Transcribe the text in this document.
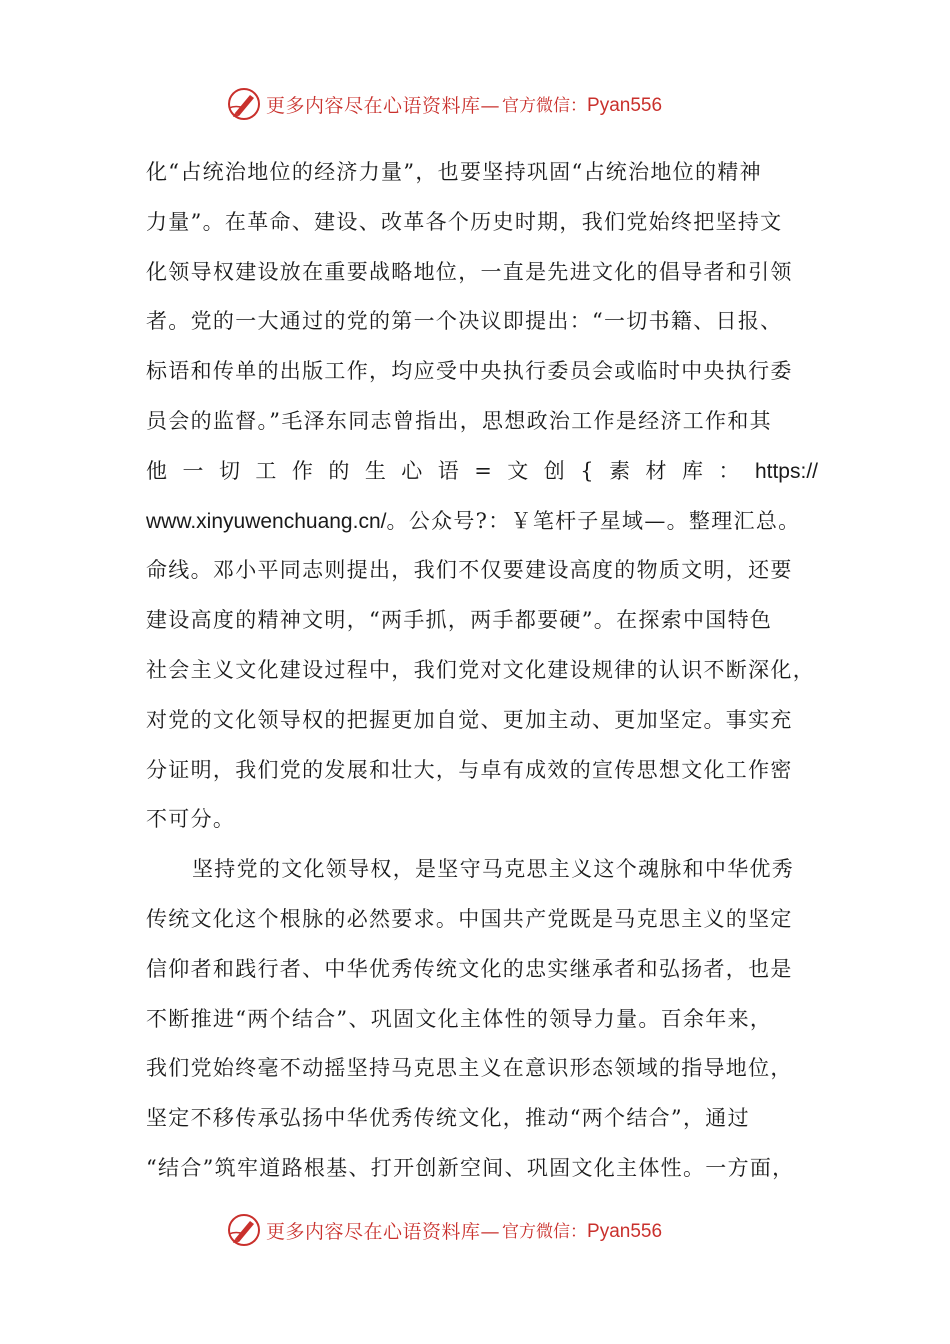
更多内容尽在心语资料库— 官方微信：Pyan556
化“占统治地位的经济力量”，也要坚持巩固“占统治地位的精神
力量”。在革命、建设、改革各个历史时期，我们党始终把坚持文
化领导权建设放在重要战略地位，一直是先进文化的倡导者和引领
者。党的一大通过的党的第一个决议即提出：“一切书籍、日报、
标语和传单的出版工作，均应受中央执行委员会或临时中央执行委
员会的监督。”毛泽东同志曾指出，思想政治工作是经济工作和其
他 一 切 工 作 的 生 心 语 = 文 创 { 素 材 库 ： https://
www.xinyuwenchuang.cn/。公众号?：￥笔杆子星域—。整理汇总。
命线。邓小平同志则提出，我们不仅要建设高度的物质文明，还要
建设高度的精神文明，“两手抓，两手都要硬”。在探索中国特色
社会主义文化建设过程中，我们党对文化建设规律的认识不断深化，
对党的文化领导权的把握更加自觉、更加主动、更加坚定。事实充
分证明，我们党的发展和壮大，与卓有成效的宣传思想文化工作密
不可分。
坚持党的文化领导权，是坚守马克思主义这个魂脉和中华优秀
传统文化这个根脉的必然要求。中国共产党既是马克思主义的坚定
信仰者和践行者、中华优秀传统文化的忠实继承者和弘扬者，也是
不断推进“两个结合”、巩固文化主体性的领导力量。百余年来，
我们党始终毫不动摇坚持马克思主义在意识形态领域的指导地位，
坚定不移传承弘扬中华优秀传统文化，推动“两个结合”，通过
“结合”筑牢道路根基、打开创新空间、巩固文化主体性。一方面，
更多内容尽在心语资料库— 官方微信：Pyan556
